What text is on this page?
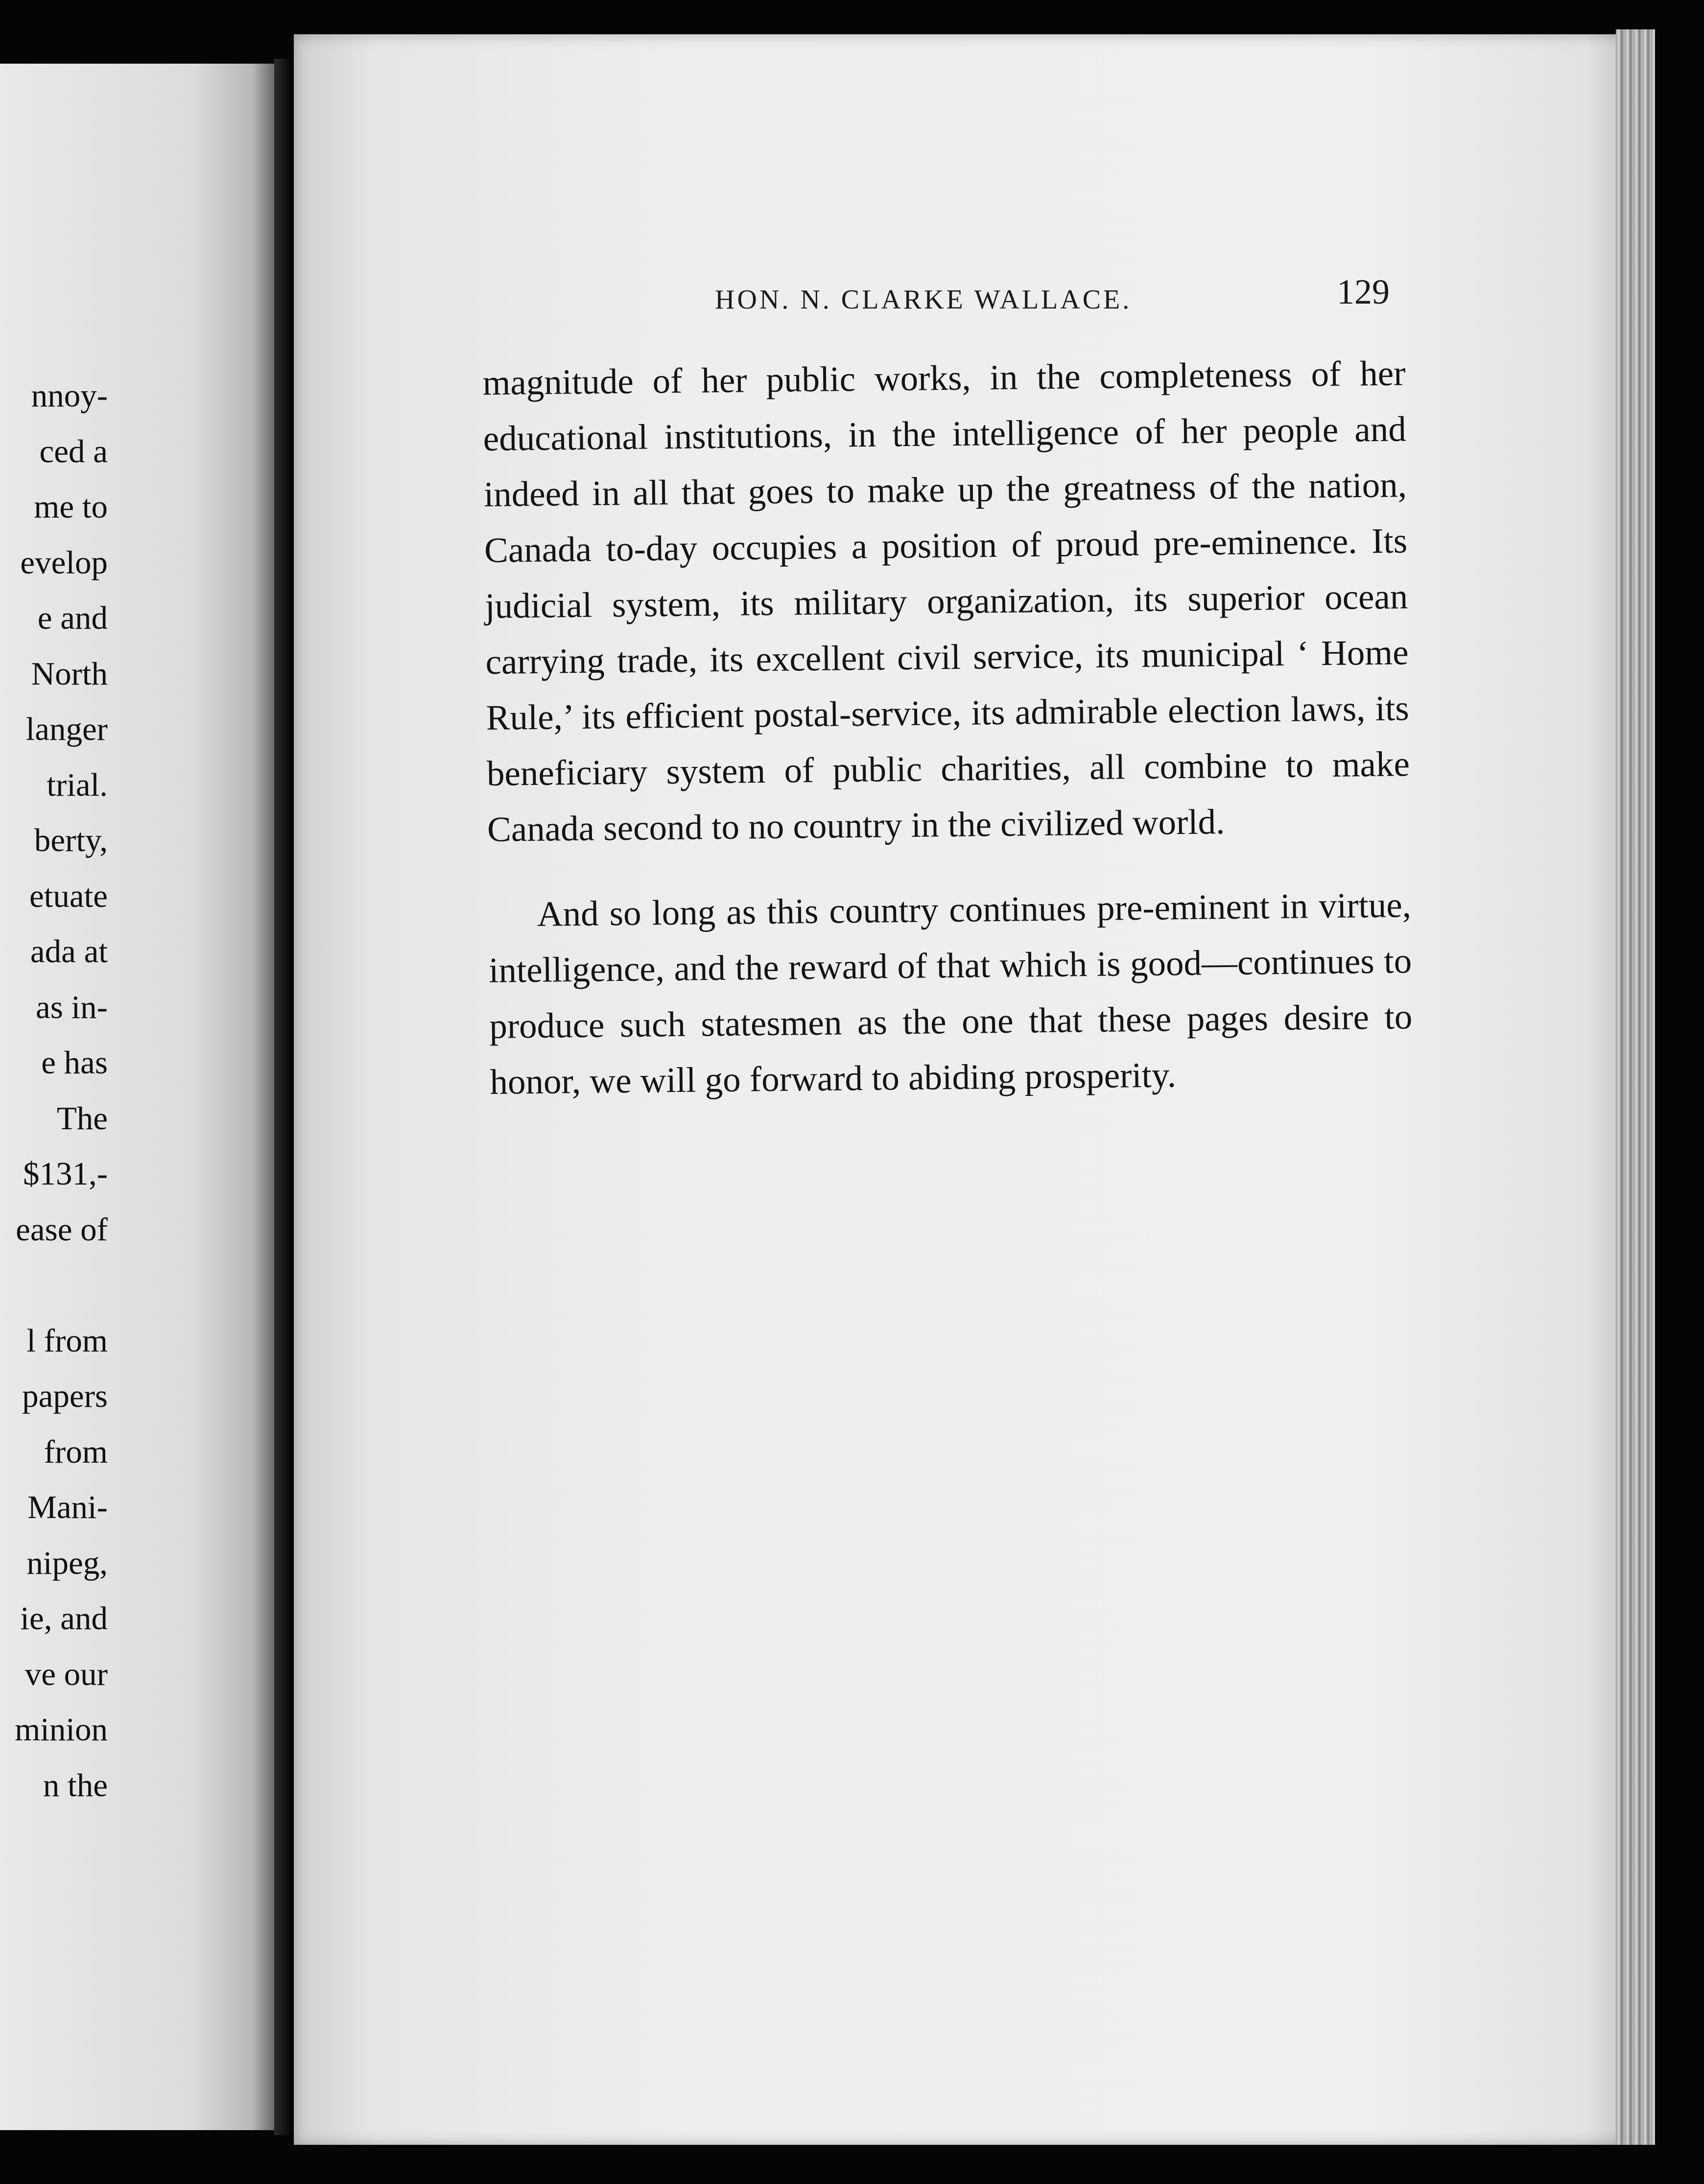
nnoy-
ced a
me to
evelop
e and
North
langer
trial.
berty,
etuate
ada at
as in-
e has
The
$131,-
ease of
l from
papers
from
Mani-
nipeg,
ie, and
ve our
minion
n the
HON. N. CLARKE WALLACE.	129

magnitude of her public works, in the completeness of her educational institutions, in the intelligence of her people and indeed in all that goes to make up the greatness of the nation, Canada to-day occupies a position of proud pre-eminence. Its judicial system, its military organization, its superior ocean carrying trade, its excellent civil service, its municipal ‘ Home Rule,’ its efficient postal-service, its admirable election laws, its beneficiary system of public charities, all combine to make Canada second to no country in the civilized world.

And so long as this country continues pre-eminent in virtue, intelligence, and the reward of that which is good—continues to produce such statesmen as the one that these pages desire to honor, we will go forward to abiding prosperity.
